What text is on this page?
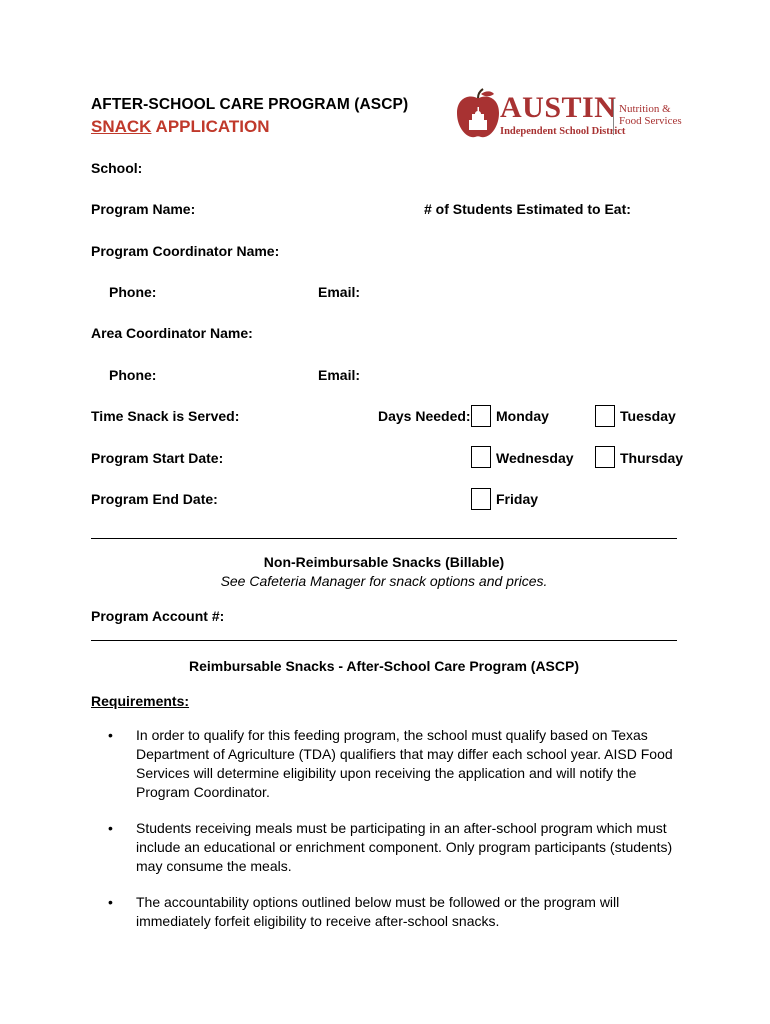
AFTER-SCHOOL CARE PROGRAM (ASCP)
SNACK APPLICATION
AUSTIN
Independent School District
Nutrition &
Food Services
School:
Program Name:	# of Students Estimated to Eat:
Program Coordinator Name:
Phone:	Email:
Area Coordinator Name:
Phone:	Email:
Time Snack is Served:
Program Start Date:
Program End Date:
Days Needed: Monday	Tuesday
Wednesday	Thursday
Friday
Non-Reimbursable Snacks (Billable)
See Cafeteria Manager for snack options and prices.
Program Account #:
Reimbursable Snacks - After-School Care Program (ASCP)
Requirements:
• In order to qualify for this feeding program, the school must qualify based on Texas
Department of Agriculture (TDA) qualifiers that may differ each school year. AISD Food
Services will determine eligibility upon receiving the application and will notify the
Program Coordinator.
• Students receiving meals must be participating in an after-school program which must
include an educational or enrichment component. Only program participants (students)
may consume the meals.
• The accountability options outlined below must be followed or the program will
immediately forfeit eligibility to receive after-school snacks.
